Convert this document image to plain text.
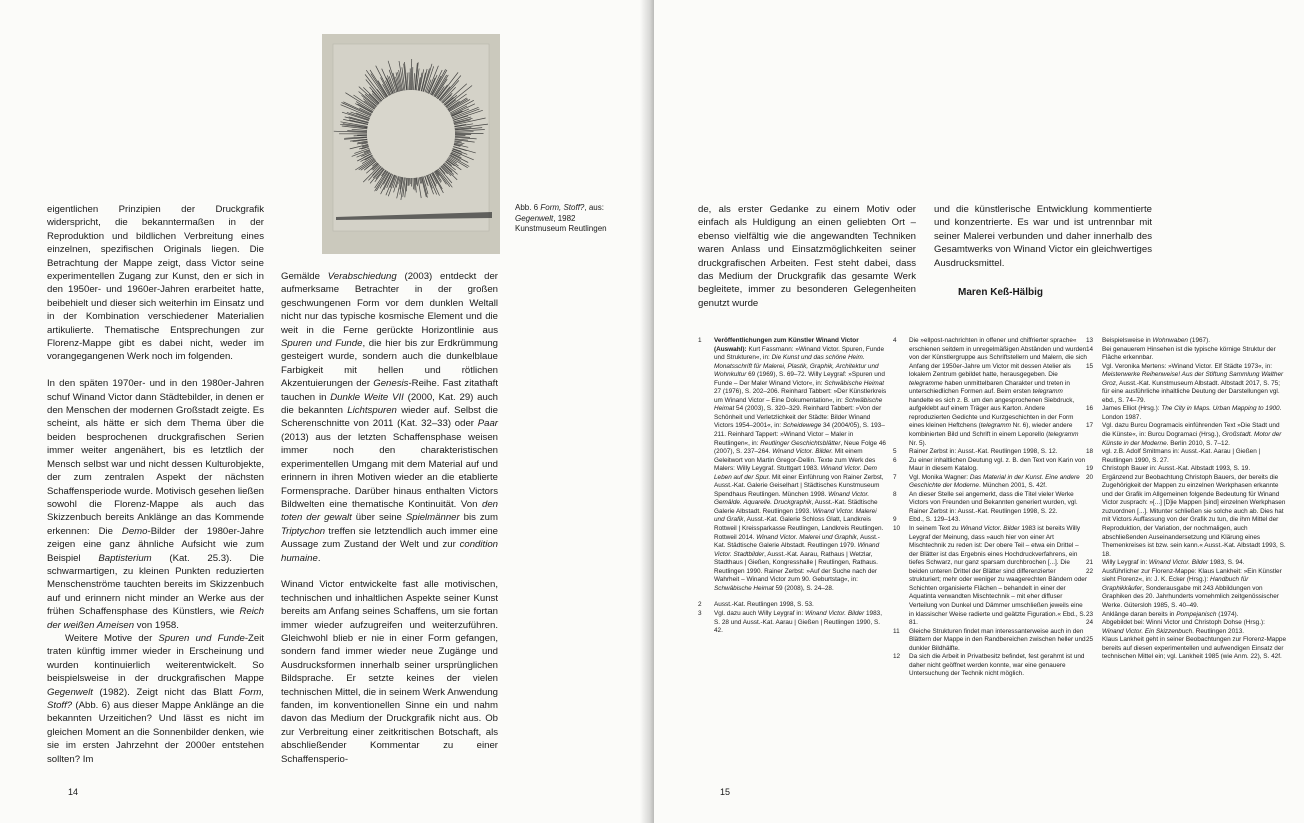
eigentlichen Prinzipien der Druckgrafik widerspricht, die bekanntermaßen in der Reproduktion und bildlichen Verbreitung eines einzelnen, spezifischen Originals liegen. Die Betrachtung der Mappe zeigt, dass Victor seine experimentellen Zugang zur Kunst, den er sich in den 1950er- und 1960er-Jahren erarbeitet hatte, beibehielt und dieser sich weiterhin im Einsatz und in der Kombination verschiedener Materialien artikulierte. Thematische Entsprechungen zur Florenz-Mappe gibt es dabei nicht, weder im vorangegangenen Werk noch im folgenden.

In den späten 1970er- und in den 1980er-Jahren schuf Winand Victor dann Städtebilder, in denen er den Menschen der modernen Großstadt zeigte. Es scheint, als hätte er sich dem Thema über die beiden besprochenen druckgrafischen Serien immer weiter angenähert, bis es letztlich der Mensch selbst war und nicht dessen Kulturobjekte, der zum zentralen Aspekt der nächsten Schaffensperiode wurde. Motivisch gesehen ließen sowohl die Florenz-Mappe als auch das Skizzenbuch bereits Anklänge an das Kommende erkennen: Die Demo-Bilder der 1980er-Jahre zeigen eine ganz ähnliche Aufsicht wie zum Beispiel Baptisterium (Kat. 25.3). Die schwarmartigen, zu kleinen Punkten reduzierten Menschenströme tauchten bereits im Skizzenbuch auf und erinnern nicht minder an Werke aus der frühen Schaffensphase des Künstlers, wie Reich der weißen Ameisen von 1958.

Weitere Motive der Spuren und Funde-Zeit traten künftig immer wieder in Erscheinung und wurden kontinuierlich weiterentwickelt. So beispielsweise in der druckgrafischen Mappe Gegenwelt (1982). Zeigt nicht das Blatt Form, Stoff? (Abb. 6) aus dieser Mappe Anklänge an die bekannten Urzeitichen? Und lässt es nicht im gleichen Moment an die Sonnenbilder denken, wie sie im ersten Jahrzehnt der 2000er entstehen sollten? Im

Gemälde Verabschiedung (2003) entdeckt der aufmerksame Betrachter in der großen geschwungenen Form vor dem dunklen Weltall nicht nur das typische kosmische Element und die weit in die Ferne gerückte Horizontlinie aus Spuren und Funde, die hier bis zur Erdkrümmung gesteigert wurde, sondern auch die dunkelblaue Farbigkeit mit hellen und rötlichen Akzentuierungen der Genesis-Reihe. Fast zitathaft tauchen in Dunkle Weite VII (2000, Kat. 29) auch die bekannten Lichtspuren wieder auf. Selbst die Scherenschnitte von 2011 (Kat. 32–33) oder Paar (2013) aus der letzten Schaffensphase weisen immer noch den charakteristischen experimentellen Umgang mit dem Material auf und erinnern in ihren Motiven wieder an die etablierte Formensprache. Darüber hinaus enthalten Victors Bildwelten eine thematische Kontinuität. Von den toten der gewalt über seine Spielmänner bis zum Triptychon treffen sie letztendlich auch immer eine Aussage zum Zustand der Welt und zur condition humaine.

Winand Victor entwickelte fast alle motivischen, technischen und inhaltlichen Aspekte seiner Kunst bereits am Anfang seines Schaffens, um sie fortan immer wieder aufzugreifen und weiterzuführen. Gleichwohl blieb er nie in einer Form gefangen, sondern fand immer wieder neue Zugänge und Ausdrucksformen innerhalb seiner ursprünglichen Bildsprache. Er setzte keines der vielen technischen Mittel, die in seinem Werk Anwendung fanden, im konventionellen Sinne ein und nahm davon das Medium der Druckgrafik nicht aus. Ob zur Verbreitung einer zeitkritischen Botschaft, als abschließender Kommentar zu einer Schaffensperio-

Abb. 6 Form, Stoff?, aus: Gegenwelt, 1982 Kunstmuseum Reutlingen
14

de, als erster Gedanke zu einem Motiv oder einfach als Huldigung an einen geliebten Ort – ebenso vielfältig wie die angewandten Techniken waren Anlass und Einsatzmöglichkeiten seiner druckgrafischen Arbeiten. Fest steht dabei, dass das Medium der Druckgrafik das gesamte Werk begleitete, immer zu besonderen Gelegenheiten genutzt wurde

und die künstlerische Entwicklung kommentierte und konzentrierte. Es war und ist untrennbar mit seiner Malerei verbunden und daher innerhalb des Gesamtwerks von Winand Victor ein gleichwertiges Ausdrucksmittel.

1	Veröffentlichungen zum Künstler Winand Victor (Auswahl): Kurt Fassmann: »Winand Victor. Spuren, Funde und Strukturen«, in: Die Kunst und das schöne Heim. Monatsschrift für Malerei, Plastik, Graphik, Architektur und Wohnkultur 69 (1969), S. 69–72. Willy Leygraf: »Spuren und Funde – Der Maler Winand Victor«, in: Schwäbische Heimat 27 (1976), S. 202–206. Reinhard Tabbert: »Der Künstlerkreis um Winand Victor – Eine Dokumentation«, in: Schwäbische Heimat 54 (2003), S. 320–329. Reinhard Tabbert: »Von der Schönheit und Verletzlichkeit der Städte: Bilder Winand Victors 1954–2001«, in: Scheidewege 34 (2004/05), S. 193–211. Reinhard Tappert: »Winand Victor – Maler in Reutlingen«, in: Reutlinger Geschichtsblätter, Neue Folge 46 (2007), S. 237–264. Winand Victor. Bilder. Mit einem Geleitwort von Martin Gregor-Dellin. Texte zum Werk des Malers: Willy Leygraf. Stuttgart 1983. Winand Victor. Dem Leben auf der Spur. Mit einer Einführung von Rainer Zerbst, Ausst.-Kat. Galerie Geiselhart | Städtisches Kunstmuseum Spendhaus Reutlingen. München 1998. Winand Victor. Gemälde. Aquarelle. Druckgraphik, Ausst.-Kat. Städtische Galerie Albstadt. Reutlingen 1993. Winand Victor. Malerei und Grafik, Ausst.-Kat. Galerie Schloss Glatt, Landkreis Rottweil | Kreissparkasse Reutlingen, Landkreis Reutlingen. Rottweil 2014. Winand Victor. Malerei und Graphik, Ausst.-Kat. Städtische Galerie Albstadt. Reutlingen 1979. Winand Victor. Stadtbilder, Ausst.-Kat. Aarau, Rathaus | Wetzlar, Stadthaus | Gießen, Kongresshalle | Reutlingen, Rathaus. Reutlingen 1990. Rainer Zerbst: »Auf der Suche nach der Wahrheit – Winand Victor zum 90. Geburtstag«, in: Schwäbische Heimat 59 (2008), S. 24–28.
2	Ausst.-Kat. Reutlingen 1998, S. 53.
3	Vgl. dazu auch Willy Leygraf in: Winand Victor. Bilder 1983, S. 28 und Ausst.-Kat. Aarau | Gießen | Reutlingen 1990, S. 42.
4	Die »ellpost-nachrichten in offener und chiffrierter sprache« erschienen seitdem in unregelmäßigen Abständen und wurden von der Künstlergruppe aus Schriftstellern und Malern, die sich Anfang der 1950er-Jahre um Victor mit dessen Atelier als lokalem Zentrum gebildet hatte, herausgegeben. Die telegramme haben unmittelbaren Charakter und treten in unterschiedlichen Formen auf. Beim ersten telegramm handelte es sich z. B. um den angesprochenen Siebdruck, aufgeklebt auf einem Träger aus Karton. Andere reproduzierten Gedichte und Kurzgeschichten in der Form eines kleinen Heftchens (telegramm Nr. 6), wieder andere kombinierten Bild und Schrift in einem Leporello (telegramm Nr. 5).
5	Rainer Zerbst in: Ausst.-Kat. Reutlingen 1998, S. 12.
6	Zu einer inhaltlichen Deutung vgl. z. B. den Text von Karin von Maur in diesem Katalog.
7	Vgl. Monika Wagner: Das Material in der Kunst. Eine andere Geschichte der Moderne. München 2001, S. 42f.
8	An dieser Stelle sei angemerkt, dass die Titel vieler Werke Victors von Freunden und Bekannten generiert wurden, vgl. Rainer Zerbst in: Ausst.-Kat. Reutlingen 1998, S. 22.
9	Ebd., S. 129–143.
10	In seinem Text zu Winand Victor. Bilder 1983 ist bereits Willy Leygraf der Meinung, dass »auch hier von einer Art Mischtechnik zu reden ist: Der obere Teil – etwa ein Drittel – der Blätter ist das Ergebnis eines Hochdruckverfahrens, ein tiefes Schwarz, nur ganz sparsam durchbrochen [...]. Die beiden unteren Drittel der Blätter sind differenzierter strukturiert; mehr oder weniger zu waagerechten Bändern oder Schichten organisierte Flächen – behandelt in einer der Aquatinta verwandten Mischtechnik – mit eher diffuser Verteilung von Dunkel und Dämmer umschließen jeweils eine in klassischer Weise radierte und geätzte Figuration.« Ebd., S. 81.
11	Gleiche Strukturen findet man interessanterweise auch in den Blättern der Mappe in den Randbereichen zwischen heller und dunkler Bildhälfte.
12	Da sich die Arbeit in Privatbesitz befindet, fest gerahmt ist und daher nicht geöffnet werden konnte, war eine genauere Untersuchung der Technik nicht möglich.
13	Beispielsweise in Wohnwaben (1967).
14	Bei genauerem Hinsehen ist die typische körnige Struktur der Fläche erkennbar.
15	Vgl. Veronika Mertens: »Winand Victor. Elf Städte 1973«, in: Meisterwerke Reihenweise! Aus der Stiftung Sammlung Walther Groz, Ausst.-Kat. Kunstmuseum Albstadt. Albstadt 2017, S. 75; für eine ausführliche inhaltliche Deutung der Darstellungen vgl. ebd., S. 74–79.
16	James Elliot (Hrsg.): The City in Maps. Urban Mapping to 1900. London 1987.
17	Vgl. dazu Burcu Dogramacis einführenden Text »Die Stadt und die Künste«, in: Burcu Dogramaci (Hrsg.), Großstadt. Motor der Künste in der Moderne. Berlin 2010, S. 7–12.
18	vgl. z.B. Adolf Smitmans in: Ausst.-Kat. Aarau | Gießen | Reutlingen 1990, S. 27.
19	Christoph Bauer in: Ausst.-Kat. Albstadt 1993, S. 19.
20	Ergänzend zur Beobachtung Christoph Bauers, der bereits die Zugehörigkeit der Mappen zu einzelnen Werkphasen erkannte und der Grafik im Allgemeinen folgende Bedeutung für Winand Victor zusprach: »[...] [D]ie Mappen [sind] einzelnen Werkphasen zuzuordnen [...]. Mitunter schließen sie solche auch ab. Dies hat mit Victors Auffassung von der Grafik zu tun, die ihm Mittel der Reproduktion, der Variation, der nochmaligen, auch abschließenden Auseinandersetzung und Klärung eines Themenkreises ist bzw. sein kann.« Ausst.-Kat. Albstadt 1993, S. 18.
21	Willy Leygraf in: Winand Victor. Bilder 1983, S. 94.
22	Ausführlicher zur Florenz-Mappe: Klaus Lankheit: »Ein Künstler sieht Florenz«, in: J. K. Ecker (Hrsg.): Handbuch für Graphikkäufer, Sonderausgabe mit 243 Abbildungen von Graphiken des 20. Jahrhunderts vornehmlich zeitgenössischer Werke. Gütersloh 1985, S. 40–49.
23	Anklänge daran bereits in Pompejanisch (1974).
24	Abgebildet bei: Winni Victor und Christoph Dohse (Hrsg.): Winand Victor. Ein Skizzenbuch. Reutlingen 2013.
25	Klaus Lankheit geht in seiner Beobachtungen zur Florenz-Mappe bereits auf diesen experimentellen und aufwendigen Einsatz der technischen Mittel ein; vgl. Lankheit 1985 (wie Anm. 22), S. 42f.
15
Maren Keß-Hälbig
